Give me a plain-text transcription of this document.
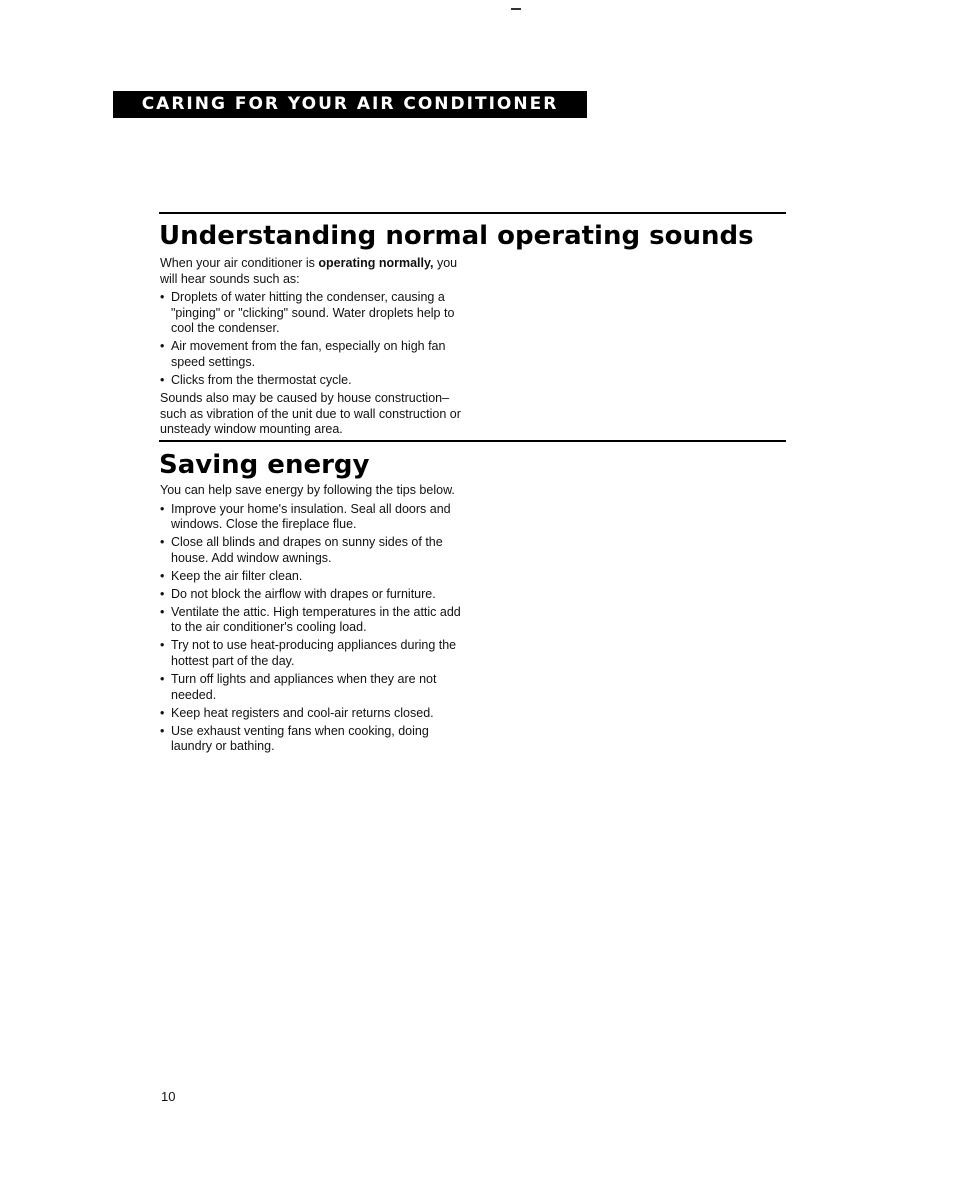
CARING FOR YOUR AIR CONDITIONER
Understanding normal operating sounds

When your air conditioner is operating normally, you will hear sounds such as:

• Droplets of water hitting the condenser, causing a "pinging" or "clicking" sound. Water droplets help to cool the condenser.
• Air movement from the fan, especially on high fan speed settings.
• Clicks from the thermostat cycle.

Sounds also may be caused by house construction–such as vibration of the unit due to wall construction or unsteady window mounting area.

Saving energy

You can help save energy by following the tips below.

• Improve your home's insulation. Seal all doors and windows. Close the fireplace flue.
• Close all blinds and drapes on sunny sides of the house. Add window awnings.
• Keep the air filter clean.
• Do not block the airflow with drapes or furniture.
• Ventilate the attic. High temperatures in the attic add to the air conditioner's cooling load.
• Try not to use heat-producing appliances during the hottest part of the day.
• Turn off lights and appliances when they are not needed.
• Keep heat registers and cool-air returns closed.
• Use exhaust venting fans when cooking, doing laundry or bathing.
10
